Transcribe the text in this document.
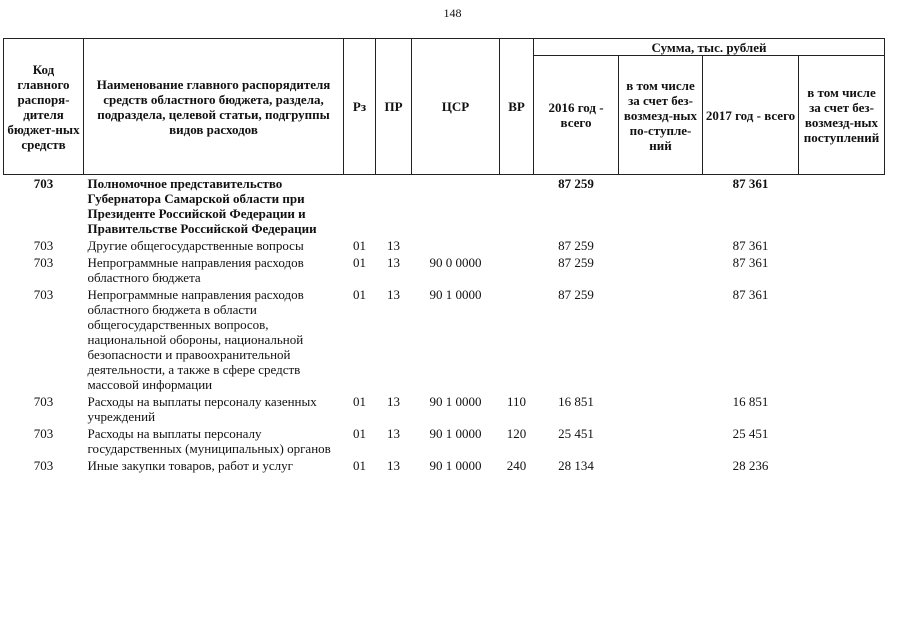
148
Код главного распоря-дителя бюджет-ных средств	Наименование главного распорядителя средств областного бюджета, раздела, подраздела, целевой статьи, подгруппы видов расходов	Рз	ПР	ЦСР	ВР	Сумма, тыс. рублей			
						2016 год - всего	в том числе за счет без-возмезд-ных по-ступле-ний	2017 год - всего	в том числе за счет без-возмезд-ных поступлений
703	Полномочное представительство Губернатора Самарской области при Президенте Российской Федерации и Правительстве Российской Федерации					87 259		87 361	
703	Другие общегосударственные вопросы	01	13			87 259		87 361	
703	Непрограммные направления расходов областного бюджета	01	13	90 0 0000		87 259		87 361	
703	Непрограммные направления расходов областного бюджета в области общегосударственных вопросов, национальной обороны, национальной безопасности и правоохранительной деятельности, а также в сфере средств массовой информации	01	13	90 1 0000		87 259		87 361	
703	Расходы на выплаты персоналу казенных учреждений	01	13	90 1 0000	110	16 851		16 851	
703	Расходы на выплаты персоналу государственных (муниципальных) органов	01	13	90 1 0000	120	25 451		25 451	
703	Иные закупки товаров, работ и услуг	01	13	90 1 0000	240	28 134		28 236	
